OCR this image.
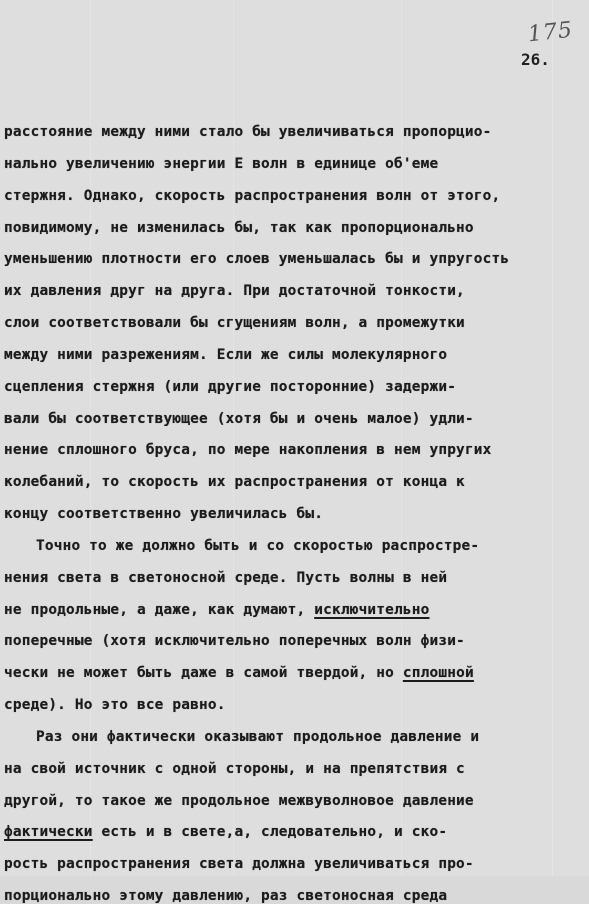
175
26.
расстояние между ними стало бы увеличиваться пропорцио-
нально увеличению энергии Е волн в единице об'еме
стержня. Однако, скорость распространения волн от этого,
повидимому, не изменилась бы, так как пропорционально
уменьшению плотности его слоев уменьшалась бы и упругость
их давления друг на друга. При достаточной тонкости,
слои соответствовали бы сгущениям волн, а промежутки
между ними разрежениям. Если же силы молекулярного
сцепления стержня (или другие посторонние) задержи-
вали бы соответствующее (хотя бы и очень малое) удли-
нение сплошного бруса, по мере накопления в нем упругих
колебаний, то скорость их распространения от конца к
концу соответственно увеличилась бы.
Точно то же должно быть и со скоростью распростре-
нения света в светоносной среде. Пусть волны в ней
не продольные, а даже, как думают, исключительно
поперечные (хотя исключительно поперечных волн физи-
чески не может быть даже в самой твердой, но сплошной
среде). Но это все равно.
Раз они фактически оказывают продольное давление и
на свой источник с одной стороны, и на препятствия с
другой, то такое же продольное межвуволновое давление
фактически есть и в свете,а, следовательно, и ско-
рость распространения света должна увеличиваться про-
порционально этому давлению, раз светоносная среда
